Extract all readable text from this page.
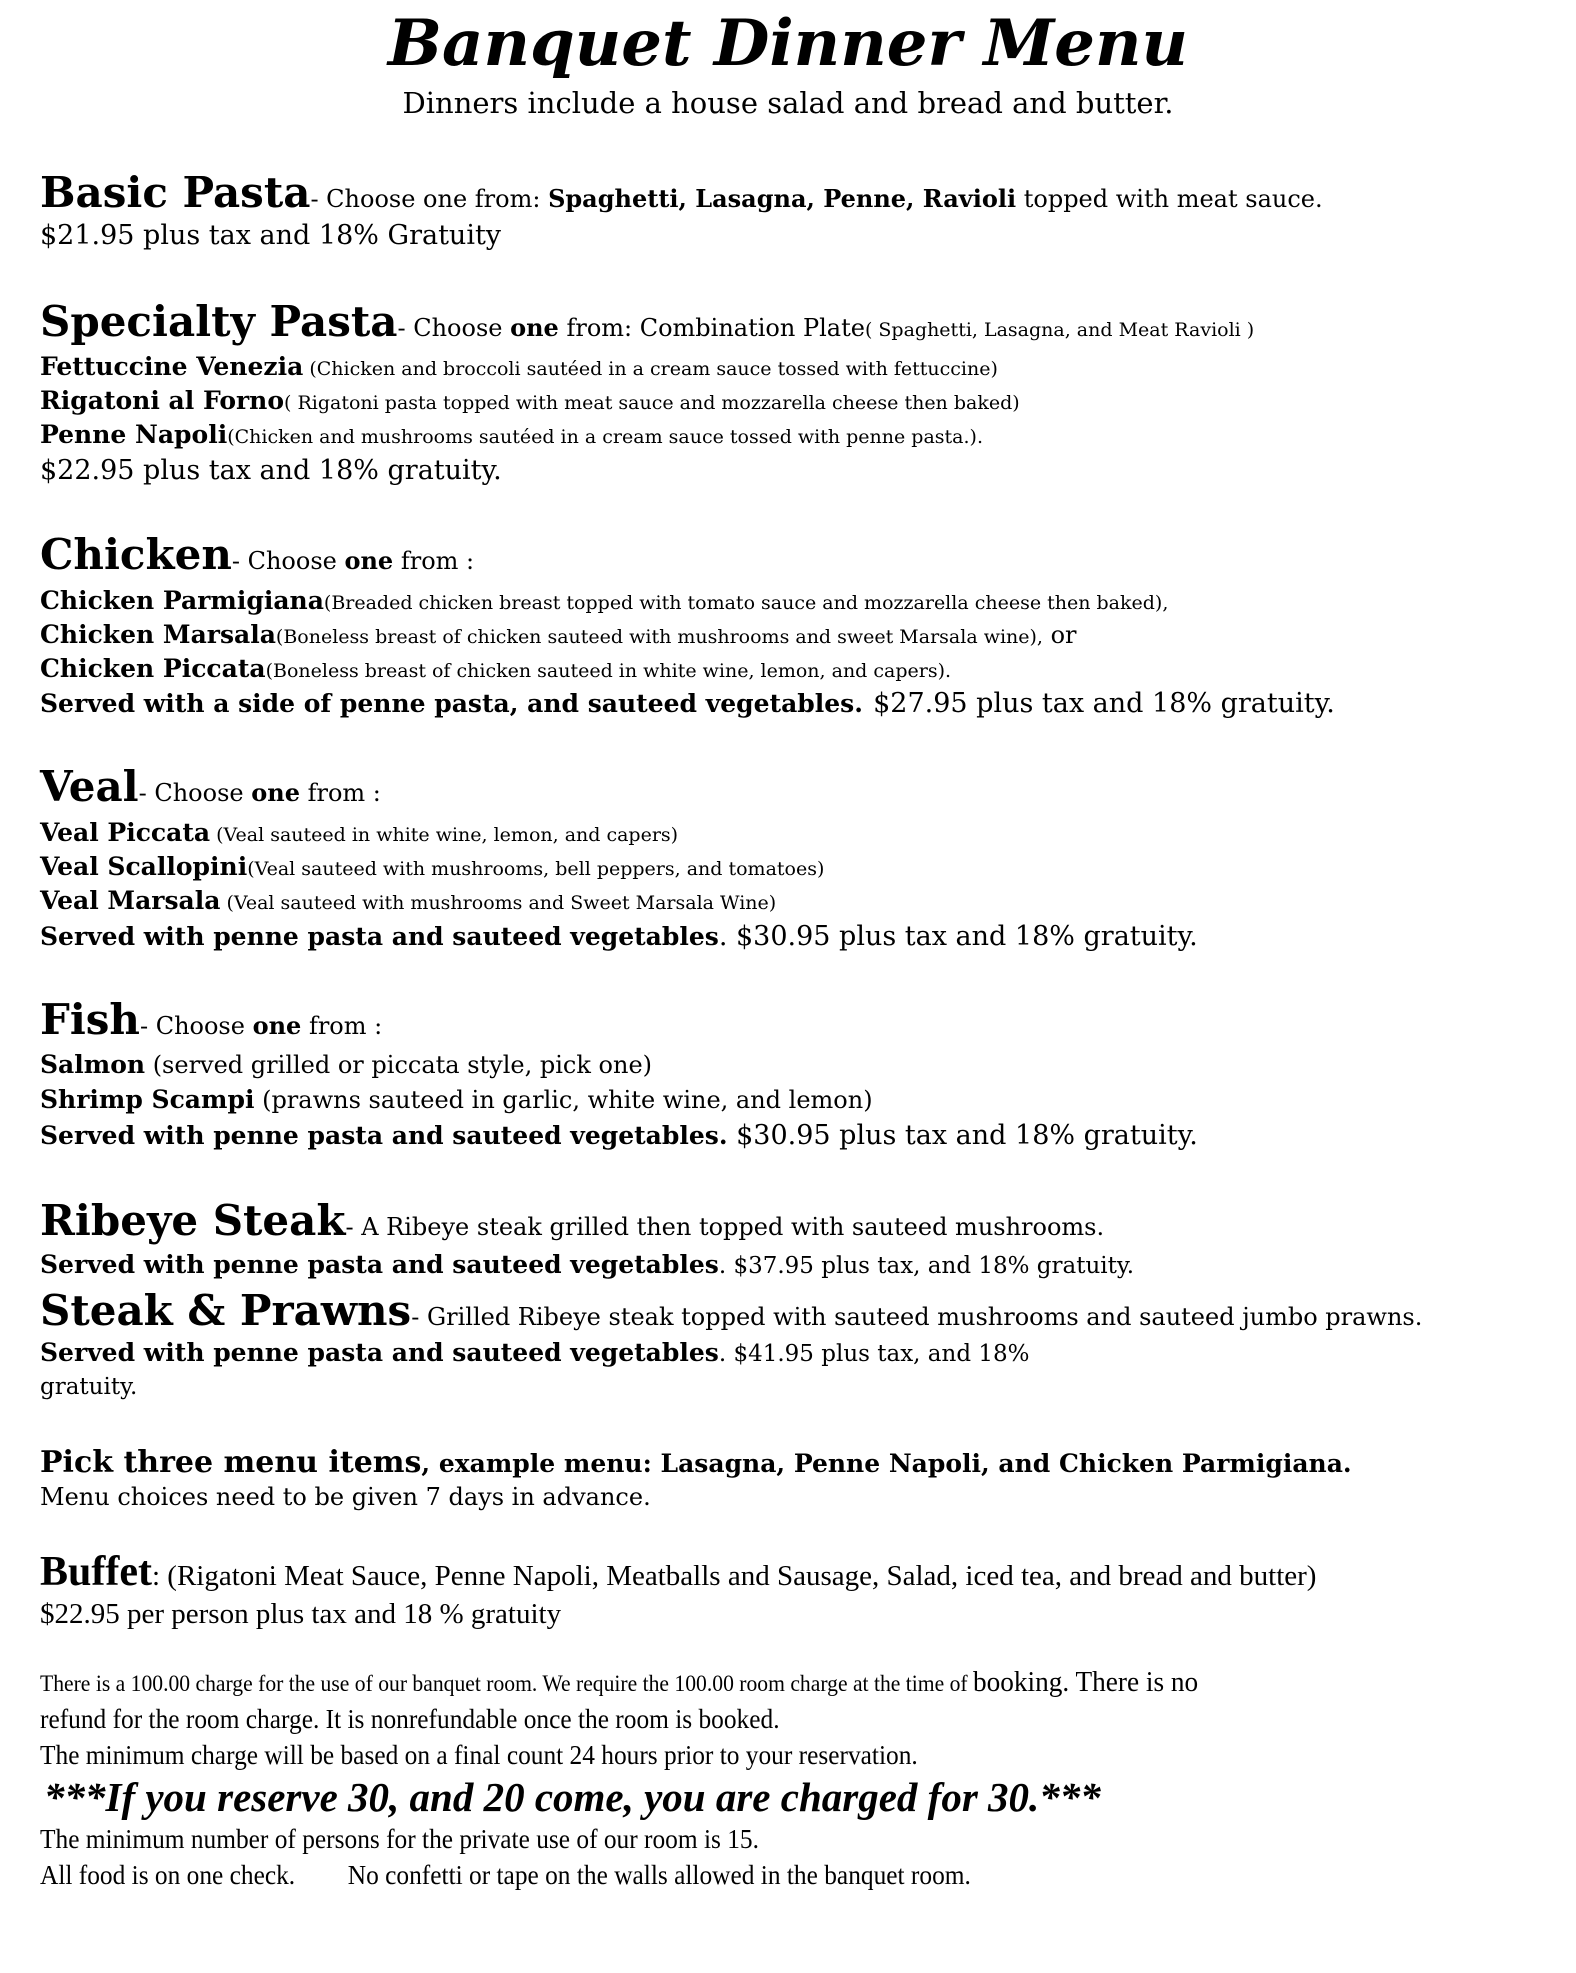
Banquet Dinner Menu
Dinners include a house salad and bread and butter.
Basic Pasta- Choose one from: Spaghetti, Lasagna, Penne, Ravioli topped with meat sauce.
$21.95 plus tax and 18% Gratuity
Specialty Pasta- Choose one from: Combination Plate( Spaghetti, Lasagna, and Meat Ravioli )
Fettuccine Venezia (Chicken and broccoli sautéed in a cream sauce tossed with fettuccine)
Rigatoni al Forno( Rigatoni pasta topped with meat sauce and mozzarella cheese then baked)
Penne Napoli(Chicken and mushrooms sautéed in a cream sauce tossed with penne pasta.).
$22.95 plus tax and 18% gratuity.
Chicken- Choose one from :
Chicken Parmigiana(Breaded chicken breast topped with tomato sauce and mozzarella cheese then baked),
Chicken Marsala(Boneless breast of chicken sauteed with mushrooms and sweet Marsala wine), or
Chicken Piccata(Boneless breast of chicken sauteed in white wine, lemon, and capers).
Served with a side of penne pasta, and sauteed vegetables. $27.95 plus tax and 18% gratuity.
Veal- Choose one from :
Veal Piccata (Veal sauteed in white wine, lemon, and capers)
Veal Scallopini(Veal sauteed with mushrooms, bell peppers, and tomatoes)
Veal Marsala (Veal sauteed with mushrooms and Sweet Marsala Wine)
Served with penne pasta and sauteed vegetables. $30.95 plus tax and 18% gratuity.
Fish- Choose one from :
Salmon (served grilled or piccata style, pick one)
Shrimp Scampi (prawns sauteed in garlic, white wine, and lemon)
Served with penne pasta and sauteed vegetables. $30.95 plus tax and 18% gratuity.
Ribeye Steak- A Ribeye steak grilled then topped with sauteed mushrooms.
Served with penne pasta and sauteed vegetables. $37.95 plus tax, and 18% gratuity.
Steak & Prawns- Grilled Ribeye steak topped with sauteed mushrooms and sauteed jumbo prawns.
Served with penne pasta and sauteed vegetables. $41.95 plus tax, and 18%
gratuity.
Pick three menu items, example menu: Lasagna, Penne Napoli, and Chicken Parmigiana.
Menu choices need to be given 7 days in advance.
Buffet: (Rigatoni Meat Sauce, Penne Napoli, Meatballs and Sausage, Salad, iced tea, and bread and butter)
$22.95 per person plus tax and 18 % gratuity
There is a 100.00 charge for the use of our banquet room. We require the 100.00 room charge at the time of booking. There is no
refund for the room charge. It is nonrefundable once the room is booked.
The minimum charge will be based on a final count 24 hours prior to your reservation.
***If you reserve 30, and 20 come, you are charged for 30.***
The minimum number of persons for the private use of our room is 15.
All food is on one check. No confetti or tape on the walls allowed in the banquet room.
